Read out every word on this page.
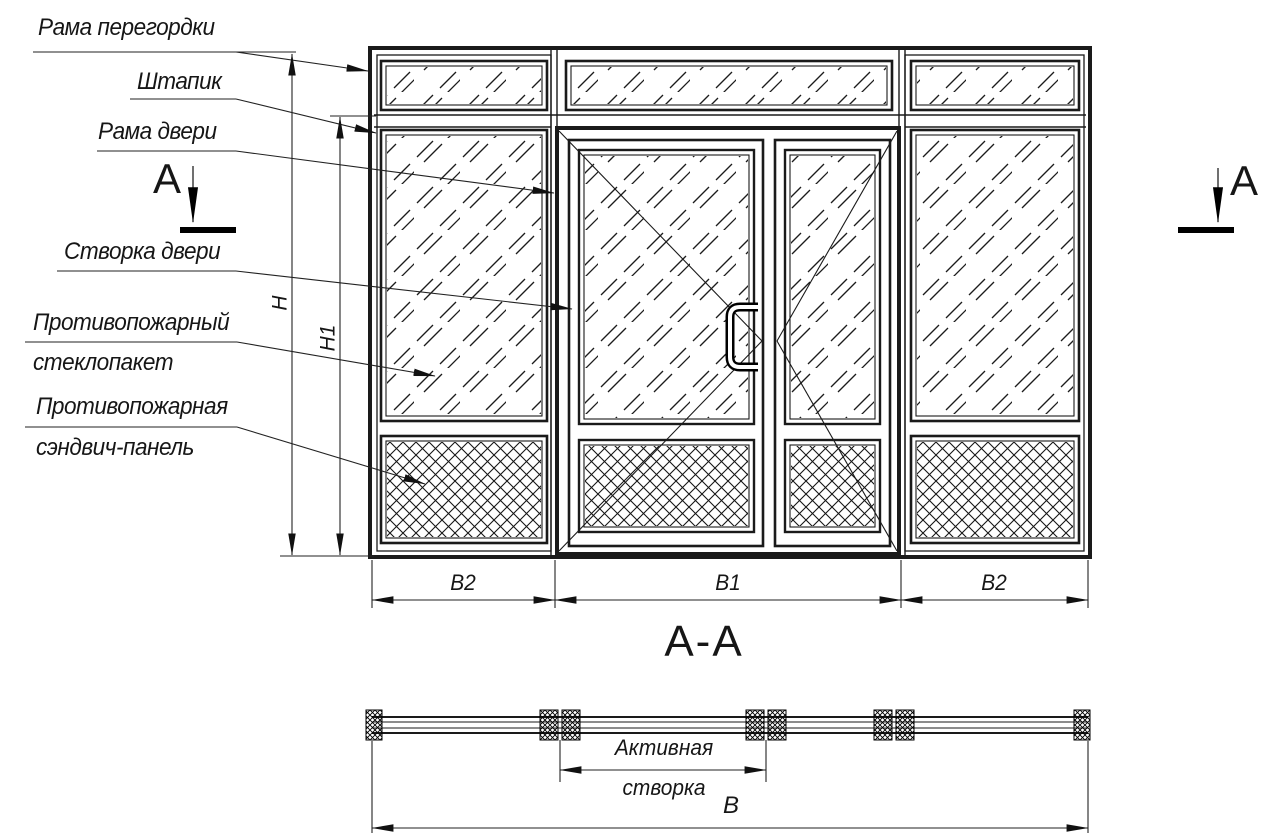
Рама перегордки
Штапик
Рама двери
Створка двери
Противопожарный
стеклопакет
Противопожарная
сэндвич-панель
А	А
Н
Н1
В2	В1	В2
А-А
Активная
створка
В
